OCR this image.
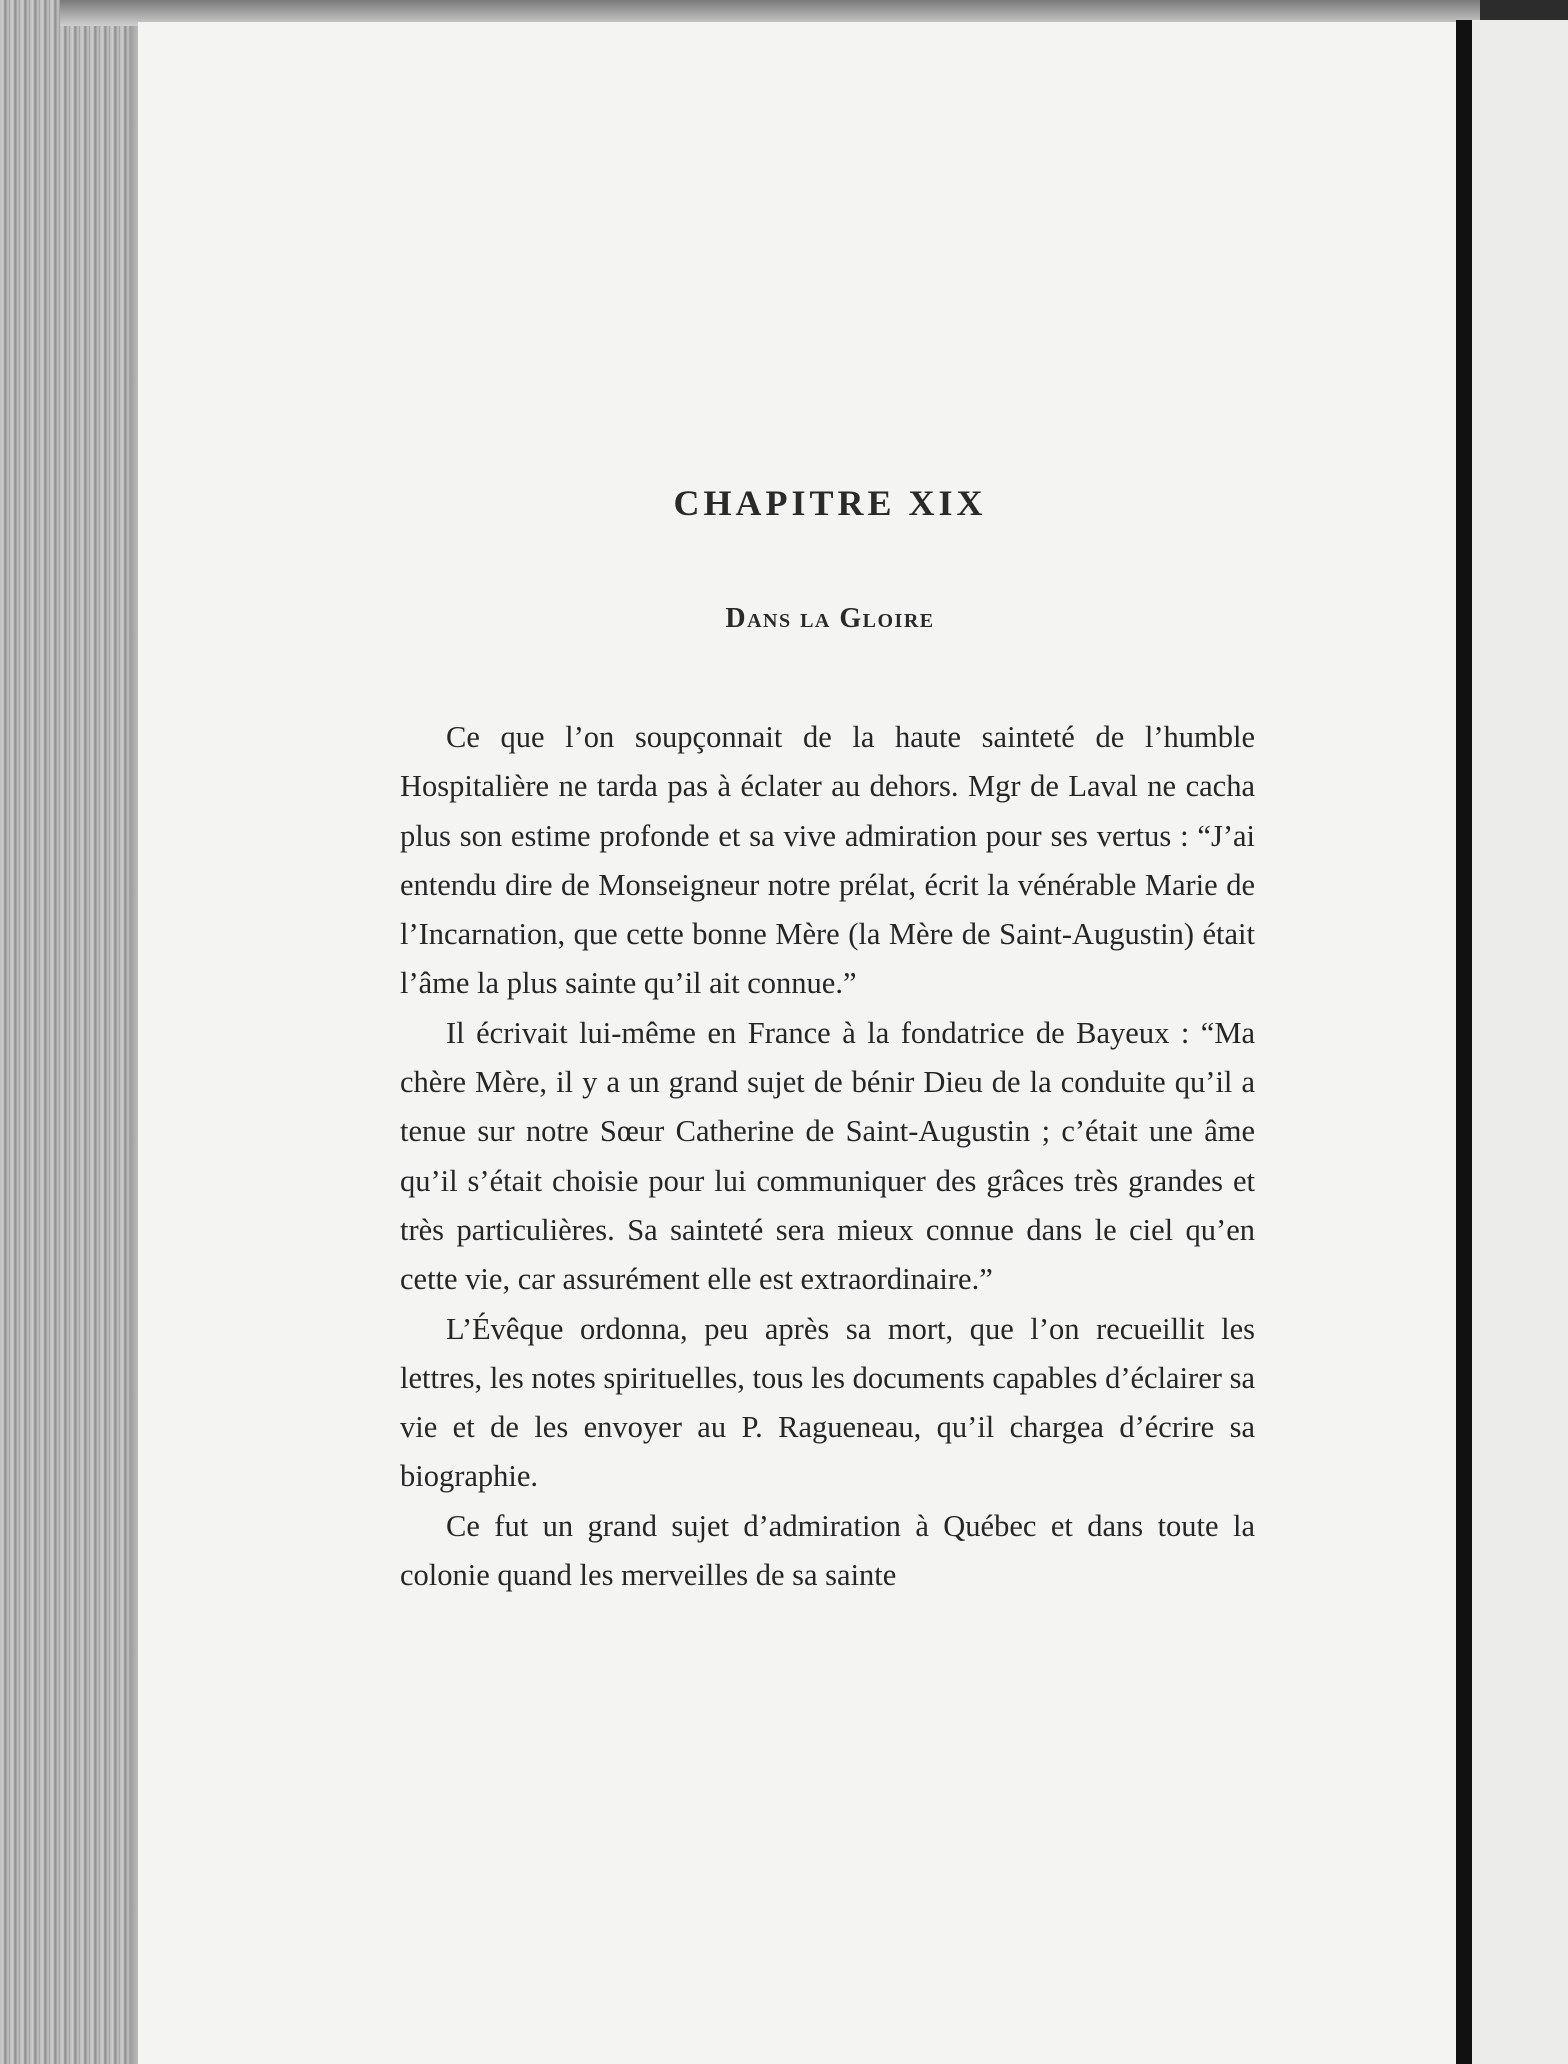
CHAPITRE XIX
Dans la Gloire

Ce que l’on soupçonnait de la haute sainteté de l’humble Hospitalière ne tarda pas à éclater au dehors. Mgr de Laval ne cacha plus son estime profonde et sa vive admiration pour ses vertus : “J’ai entendu dire de Monseigneur notre prélat, écrit la vénérable Marie de l’Incarnation, que cette bonne Mère (la Mère de Saint-Augustin) était l’âme la plus sainte qu’il ait connue.”

Il écrivait lui-même en France à la fondatrice de Bayeux : “Ma chère Mère, il y a un grand sujet de bénir Dieu de la conduite qu’il a tenue sur notre Sœur Catherine de Saint-Augustin ; c’était une âme qu’il s’était choisie pour lui communiquer des grâces très grandes et très particulières. Sa sainteté sera mieux connue dans le ciel qu’en cette vie, car assurément elle est extraordinaire.”

L’Évêque ordonna, peu après sa mort, que l’on recueillit les lettres, les notes spirituelles, tous les documents capables d’éclairer sa vie et de les envoyer au P. Ragueneau, qu’il chargea d’écrire sa biographie.

Ce fut un grand sujet d’admiration à Québec et dans toute la colonie quand les merveilles de sa sainte
